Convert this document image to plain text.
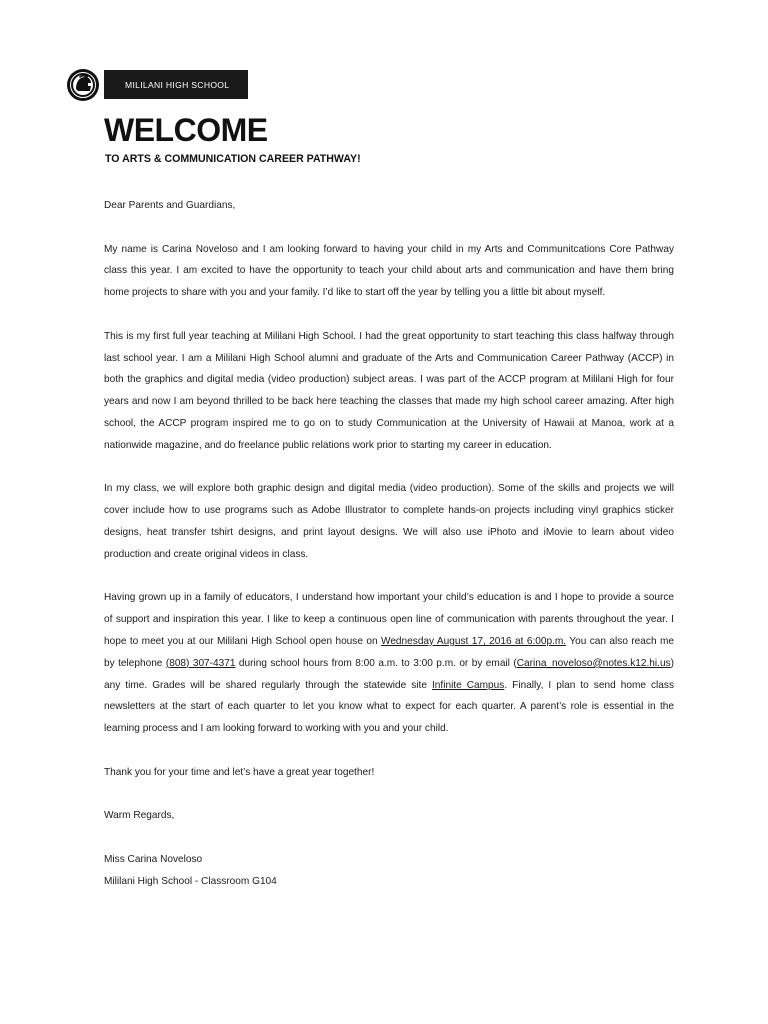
MILILANI HIGH SCHOOL
WELCOME
TO ARTS & COMMUNICATION CAREER PATHWAY!

Dear Parents and Guardians,

My name is Carina Noveloso and I am looking forward to having your child in my Arts and Communitcations Core Pathway class this year. I am excited to have the opportunity to teach your child about arts and communication and have them bring home projects to share with you and your family. I’d like to start off the year by telling you a little bit about myself.

This is my first full year teaching at Mililani High School. I had the great opportunity to start teaching this class halfway through last school year. I am a Mililani High School alumni and graduate of the Arts and Communication Career Pathway (ACCP) in both the graphics and digital media (video production) subject areas. I was part of the ACCP program at Mililani High for four years and now I am beyond thrilled to be back here teaching the classes that made my high school career amazing. After high school, the ACCP program inspired me to go on to study Communication at the University of Hawaii at Manoa, work at a nationwide magazine, and do freelance public relations work prior to starting my career in education.

In my class, we will explore both graphic design and digital media (video production). Some of the skills and projects we will cover include how to use programs such as Adobe Illustrator to complete hands-on projects including vinyl graphics sticker designs, heat transfer tshirt designs, and print layout designs. We will also use iPhoto and iMovie to learn about video production and create original videos in class.

Having grown up in a family of educators, I understand how important your child’s education is and I hope to provide a source of support and inspiration this year. I like to keep a continuous open line of communication with parents throughout the year. I hope to meet you at our Mililani High School open house on Wednesday August 17, 2016 at 6:00p.m. You can also reach me by telephone (808) 307-4371 during school hours from 8:00 a.m. to 3:00 p.m. or by email (Carina_noveloso@notes.k12.hi.us) any time. Grades will be shared regularly through the statewide site Infinite Campus. Finally, I plan to send home class newsletters at the start of each quarter to let you know what to expect for each quarter. A parent’s role is essential in the learning process and I am looking forward to working with you and your child.

Thank you for your time and let’s have a great year together!

Warm Regards,

Miss Carina Noveloso

Mililani High School - Classroom G104
